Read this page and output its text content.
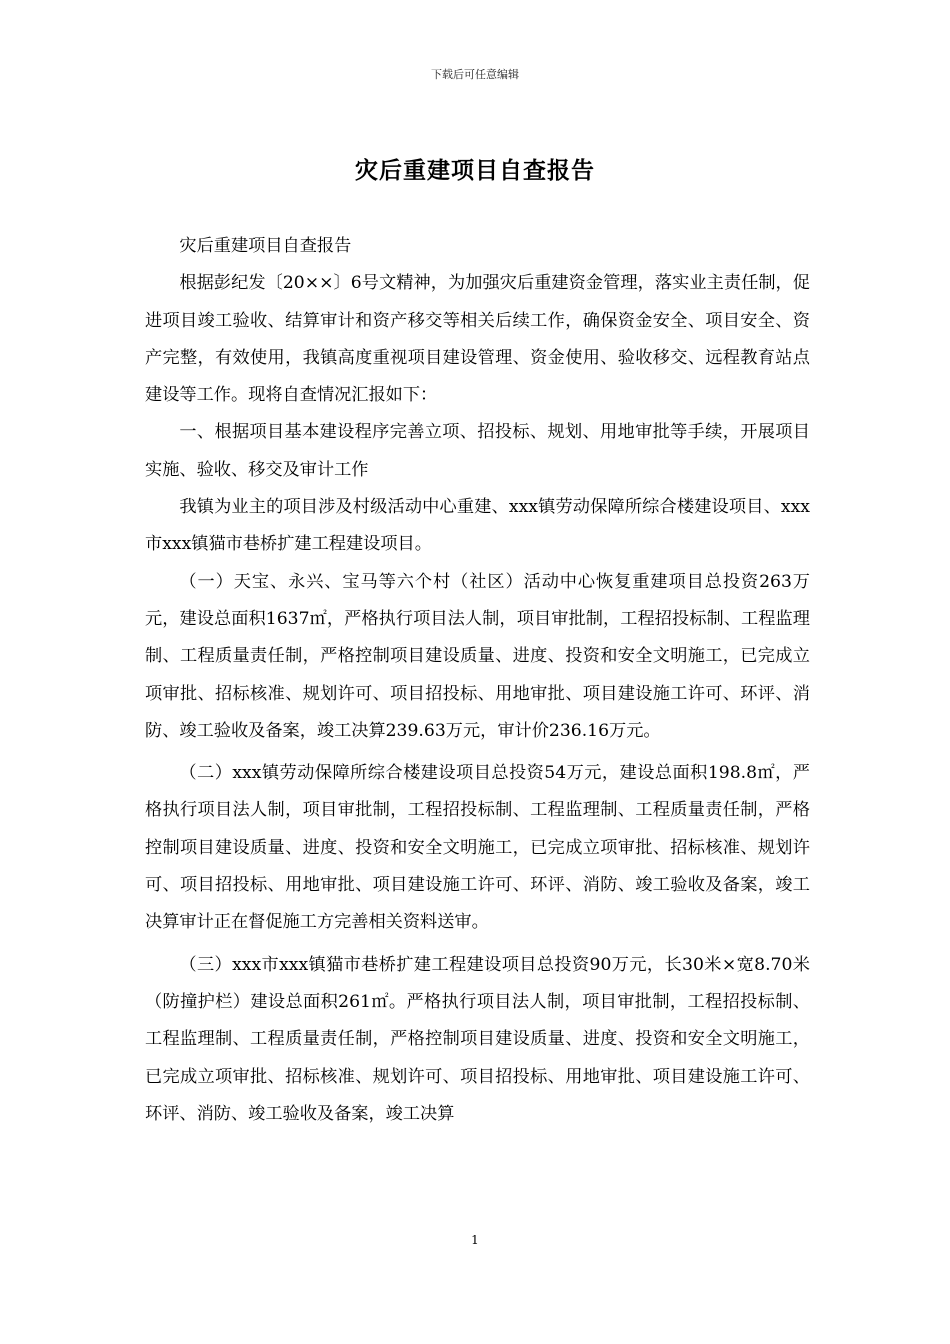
下载后可任意编辑
灾后重建项目自查报告

灾后重建项目自查报告

根据彭纪发〔20××〕6号文精神，为加强灾后重建资金管理，落实业主责任制，促进项目竣工验收、结算审计和资产移交等相关后续工作，确保资金安全、项目安全、资产完整，有效使用，我镇高度重视项目建设管理、资金使用、验收移交、远程教育站点建设等工作。现将自查情况汇报如下：

一、根据项目基本建设程序完善立项、招投标、规划、用地审批等手续，开展项目实施、验收、移交及审计工作

我镇为业主的项目涉及村级活动中心重建、xxx镇劳动保障所综合楼建设项目、xxx市xxx镇猫市巷桥扩建工程建设项目。

（一）天宝、永兴、宝马等六个村（社区）活动中心恢复重建项目总投资263万元，建设总面积1637㎡，严格执行项目法人制，项目审批制，工程招投标制、工程监理制、工程质量责任制，严格控制项目建设质量、进度、投资和安全文明施工，已完成立项审批、招标核准、规划许可、项目招投标、用地审批、项目建设施工许可、环评、消防、竣工验收及备案，竣工决算239.63万元，审计价236.16万元。

（二）xxx镇劳动保障所综合楼建设项目总投资54万元，建设总面积198.8㎡，严格执行项目法人制，项目审批制，工程招投标制、工程监理制、工程质量责任制，严格控制项目建设质量、进度、投资和安全文明施工，已完成立项审批、招标核准、规划许可、项目招投标、用地审批、项目建设施工许可、环评、消防、竣工验收及备案，竣工决算审计正在督促施工方完善相关资料送审。

（三）xxx市xxx镇猫市巷桥扩建工程建设项目总投资90万元，长30米×宽8.70米（防撞护栏）建设总面积261㎡。严格执行项目法人制，项目审批制，工程招投标制、工程监理制、工程质量责任制，严格控制项目建设质量、进度、投资和安全文明施工，已完成立项审批、招标核准、规划许可、项目招投标、用地审批、项目建设施工许可、环评、消防、竣工验收及备案，竣工决算

1
